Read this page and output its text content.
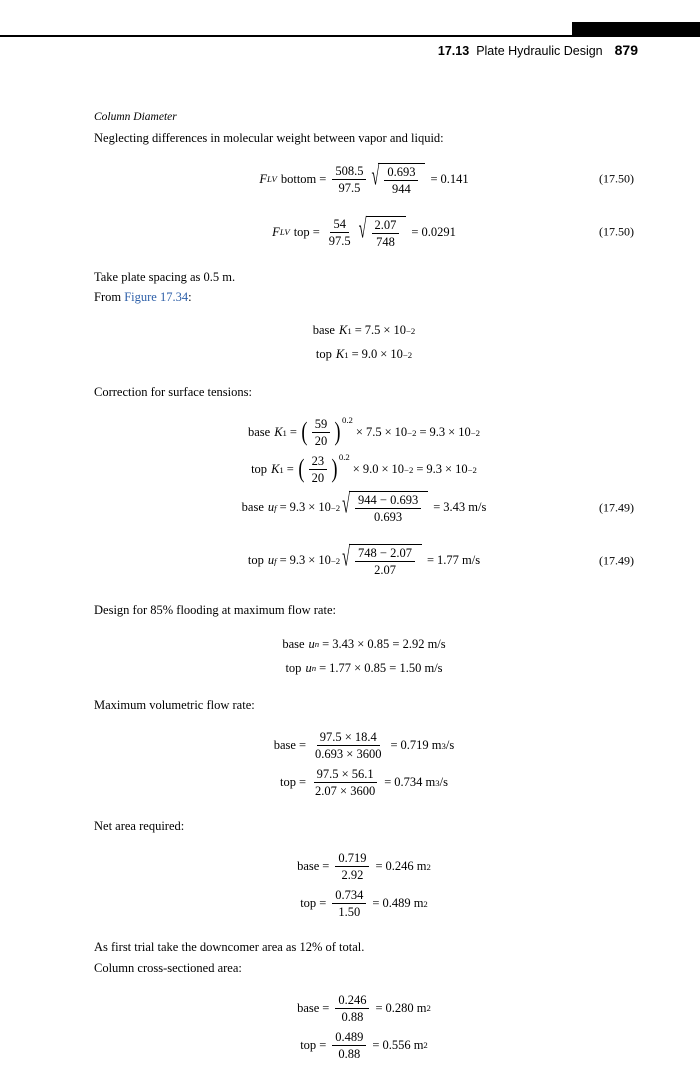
17.13 Plate Hydraulic Design 879
Column Diameter
Neglecting differences in molecular weight between vapor and liquid:
F LV bottom = $\frac{508.5}{97.5}$ √ $\frac{0.693}{944} = 0.141$	(17.50)
F LV top = $\frac{54}{97.5}$ √ $\frac{2.07}{748} = 0.0291$	(17.50)
Take plate spacing as 0.5 m.
From Figure 17.34:
base K 1 = 7.5 × 10 −2
top K 1 = 9.0 × 10 −2
Correction for surface tensions:
base K 1 = ( $\frac{59}{20}$ ) 0.2
× 7.5 × 10 −2 = 9.3 × 10 −2
top K 1 = ( $\frac{23}{20}$ ) 0.2
× 9.0 × 10 −2 = 9.3 × 10 −2
base u f = 9.3 × 10 −2 √ $\frac{944 - 0.693}{0.693} = 3.43$ m/s	(17.49)
top u f = 9.3 × 10 −2 √ $\frac{748 - 2.07}{2.07} = 1.77$ m/s	(17.49)
Design for 85% flooding at maximum flow rate:
base u n = 3.43 × 0.85 = 2.92 m/s
top u n = 1.77 × 0.85 = 1.50 m/s
Maximum volumetric flow rate:
base = $\frac{97.5 \times 18.4}{0.693 \times 3600} = 0.719$ m 3 / s
top = $\frac{97.5 \times 56.1}{2.07 \times 3600} = 0.734$ m 3 / s
Net area required:
base = $\frac{0.719}{2.92} = 0.246$ m 2
top = $\frac{0.734}{1.50} = 0.489$ m 2
As first trial take the downcomer area as 12% of total.
Column cross-sectioned area:
base = $\frac{0.246}{0.88} = 0.280$ m 2
top = $\frac{0.489}{0.88} = 0.556$ m 2
